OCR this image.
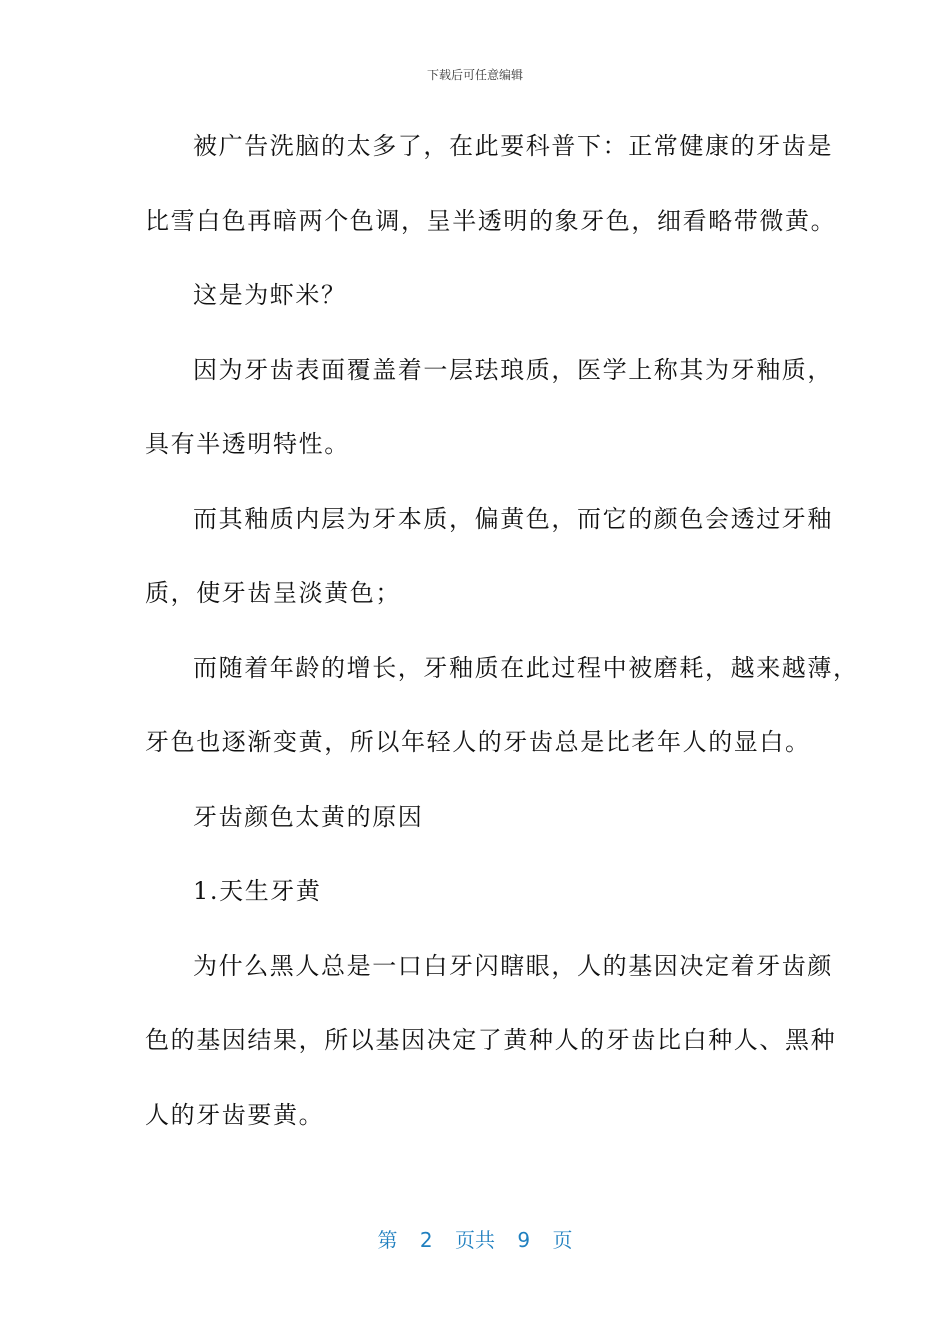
下载后可任意编辑
被广告洗脑的太多了，在此要科普下：正常健康的牙齿是
比雪白色再暗两个色调，呈半透明的象牙色，细看略带微黄。
这是为虾米？
因为牙齿表面覆盖着一层珐琅质，医学上称其为牙釉质，
具有半透明特性。
而其釉质内层为牙本质，偏黄色，而它的颜色会透过牙釉
质，使牙齿呈淡黄色；
而随着年龄的增长，牙釉质在此过程中被磨耗，越来越薄，
牙色也逐渐变黄，所以年轻人的牙齿总是比老年人的显白。
牙齿颜色太黄的原因
1.天生牙黄
为什么黑人总是一口白牙闪瞎眼，人的基因决定着牙齿颜
色的基因结果，所以基因决定了黄种人的牙齿比白种人、黑种
人的牙齿要黄。
第 2 页共 9 页
